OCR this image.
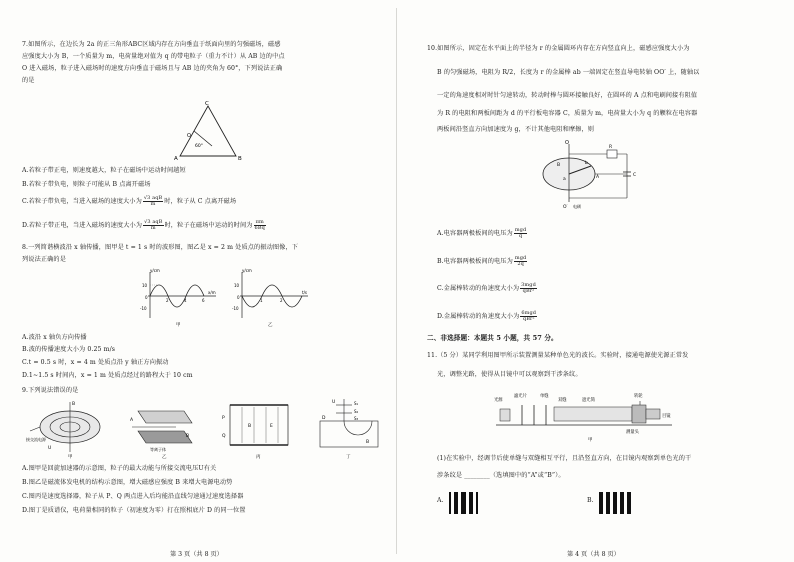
7.如图所示，在边长为 2a 的正三角形ABC区域内存在方向垂直于纸面向里的匀强磁场，磁感
应强度大小为 B，一个质量为 m，电荷量绝对值为 q 的带电粒子（重力不计）从 AB 边的中点
O 进入磁场，粒子进入磁场时的速度方向垂直于磁场且与 AB 边的夹角为 60°，下列说法正确
的是
C
60°
A
O
B
A.若粒子带正电，则速度越大，粒子在磁场中运动时间越短
B.若粒子带负电，则粒子可能从 B 点离开磁场
C.若粒子带负电，当进入磁场的速度大小为 $\frac{\text{√3 aqB}}{m}$ 时，粒子从 C 点离开磁场
D.若粒子带正电，当进入磁场的速度大小为 $\frac{\text{√3 aqB}}{m}$ 时，粒子在磁场中运动的时间为 $\frac{\pi m}{6Bq}$
8.一列简谐横波沿 x 轴传播，图甲是 t = 1 s 时的波形图，图乙是 x = 2 m 处质点的振动图像，下
列说法正确的是
y/cm
x/m
10
0
-10
2	4	6
甲
y/cm
t/s
10
0
-10
1	2
乙
A.波沿 x 轴负方向传播
B.波的传播速度大小为 0.25 m/s
C.t = 0.5 s 时，x = 4 m 处质点沿 y 轴正方向振动
D.1~1.5 s 时间内，x = 1 m 处质点经过的路程大于 10 cm
9.下列说法错误的是
接交流电源
B
U
甲
A
B
等离子体
乙
P
Q
E
B
丙
S₁
S₂
S₃
D
B
U
丁
A.图甲是回旋加速器的示意图，粒子的最大动能与所接交流电压U有关
B.图乙是磁流体发电机的结构示意图，增大磁感应强度 B 来增大电源电动势
C.图丙是速度选择器，粒子从 P、Q 两点进入后均能沿直线匀速通过速度选择器
D.图丁是质谱仪，电荷量相同的粒子（初速度为零）打在照相底片 D 的同一位置
第 3 页（共 8 页）
10.如图所示，固定在水平面上的半径为 r 的金属圆环内存在方向竖直向上，磁感应强度大小为
B 的匀强磁场，电阻为 R/2，长度为 r 的金属棒 ab 一端固定在竖直导电转轴 OO′ 上，随轴以
一定的角速度相对时针匀速转动，转动时棒与圆环接触良好，在圆环的 A 点和电刷间接有阻值
为 R 的电阻和两板间距为 d 的平行板电容器 C，质量为 m，电荷量大小为 q 的颗粒在电容器
两板间沿竖直方向加速度为 g，不计其他电阻和摩擦，则
O
B
a
b
A
R
C
O′ 电刷
A.电容器两极板间的电压为 $\frac{\text{mgd}}{q}$
B.电容器两极板间的电压为 $\frac{\text{mgd}}{2q}$
C.金属棒转动的角速度大小为 $\frac{\text{3mgd}}{\text{qBr²}}$
D.金属棒转动的角速度大小为 $\frac{\text{6mgd}}{\text{qBr²}}$
二、非选择题：本题共 5 小题，共 57 分。
11.（5 分）某同学利用图甲所示装置测量某种单色光的波长。实验时，接通电源使光源正常发
光，调整光路，使得从目镜中可以观察到干涉条纹。
光源
滤光片	单缝
双缝	遮光筒
转轮
测量头
目镜
甲
(1)在实验中，经调节后使单缝与双缝相互平行，且沿竖直方向，在目镜内观察到单色光的干
涉条纹是 ________（选填图中的“A”或“B”）。
A.	B.
第 4 页（共 8 页）
